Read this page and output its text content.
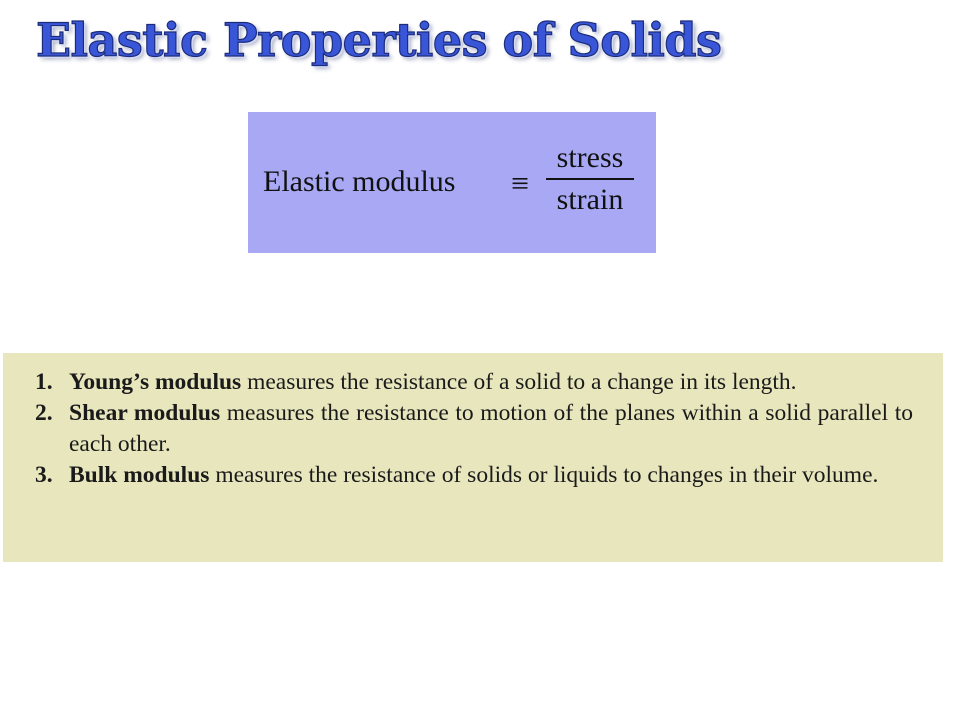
Elastic Properties of Solids
Elastic modulus ≡
stress
strain
1. Young’s modulus measures the resistance of a solid to a change in its length.
2. Shear modulus measures the resistance to motion of the planes within a solid parallel to each other.
3. Bulk modulus measures the resistance of solids or liquids to changes in their volume.
